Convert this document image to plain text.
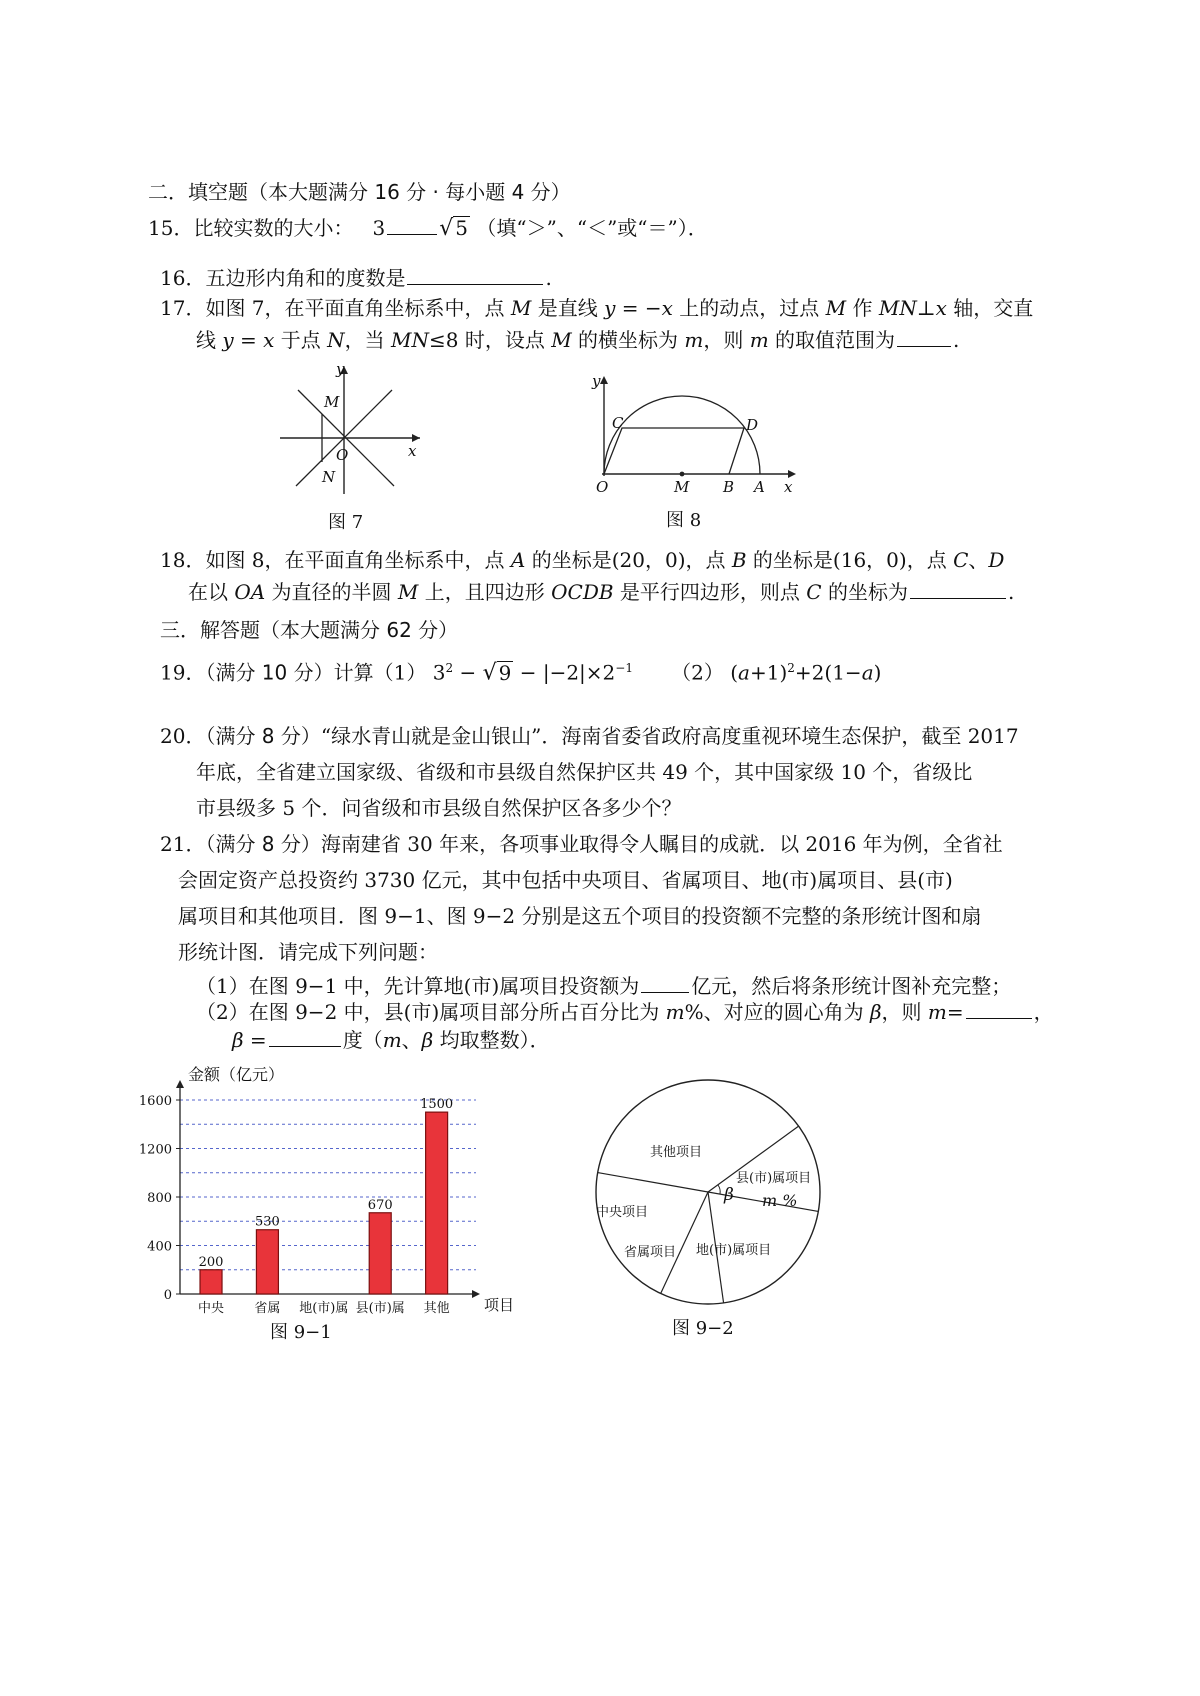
二．填空题（本大题满分 16 分 · 每小题 4 分）
15．比较实数的大小： 3 √ 5 （填“＞”、“＜”或“＝”）．
16．五边形内角和的度数是	.
17．如图 7，在平面直角坐标系中，点 M 是直线 y = −x 上的动点，过点 M 作 MN⊥x 轴，交直
线 y = x 于点 N，当 MN≤8 时，设点 M 的横坐标为 m，则 m 的取值范围为	.
M
O
N
x
y
图 7
C	D
O	M B A x
y
图 8
18．如图 8，在平面直角坐标系中，点 A 的坐标是(20，0)，点 B 的坐标是(16，0)，点 C、D
在以 OA 为直径的半圆 M 上，且四边形 OCDB 是平行四边形，则点 C 的坐标为	.
三．解答题（本大题满分 62 分）
19．（满分 10 分）计算（1） $3^2$ − √ $9 - |-2|\times 2^{-1}$ （2） $(a+1)^2+2(1-a)$
20．（满分 8 分）“绿水青山就是金山银山”．海南省委省政府高度重视环境生态保护，截至 2017
年底，全省建立国家级、省级和市县级自然保护区共 49 个，其中国家级 10 个，省级比
市县级多 5 个．问省级和市县级自然保护区各多少个？
21．（满分 8 分）海南建省 30 年来，各项事业取得令人瞩目的成就．以 2016 年为例，全省社
会固定资产总投资约 3730 亿元，其中包括中央项目、省属项目、地(市)属项目、县(市)
属项目和其他项目．图 9−1、图 9−2 分别是这五个项目的投资额不完整的条形统计图和扇
形统计图．请完成下列问题：
（1）在图 9−1 中，先计算地(市)属项目投资额为	亿元，然后将条形统计图补充完整；
（2）在图 9−2 中，县(市)属项目部分所占百分比为 m%、对应的圆心角为 β，则 m=	，
β =	度（m、β 均取整数）．
金额（亿元）
项目
图 9−1
0
400
800
1200
1600
中央
200
省属
530
地(市)属 县(市)属
670
其他
1500
其他项目
县(市)属项目
地(市)属项目
省属项目
中央项目
β m %
图 9−2
